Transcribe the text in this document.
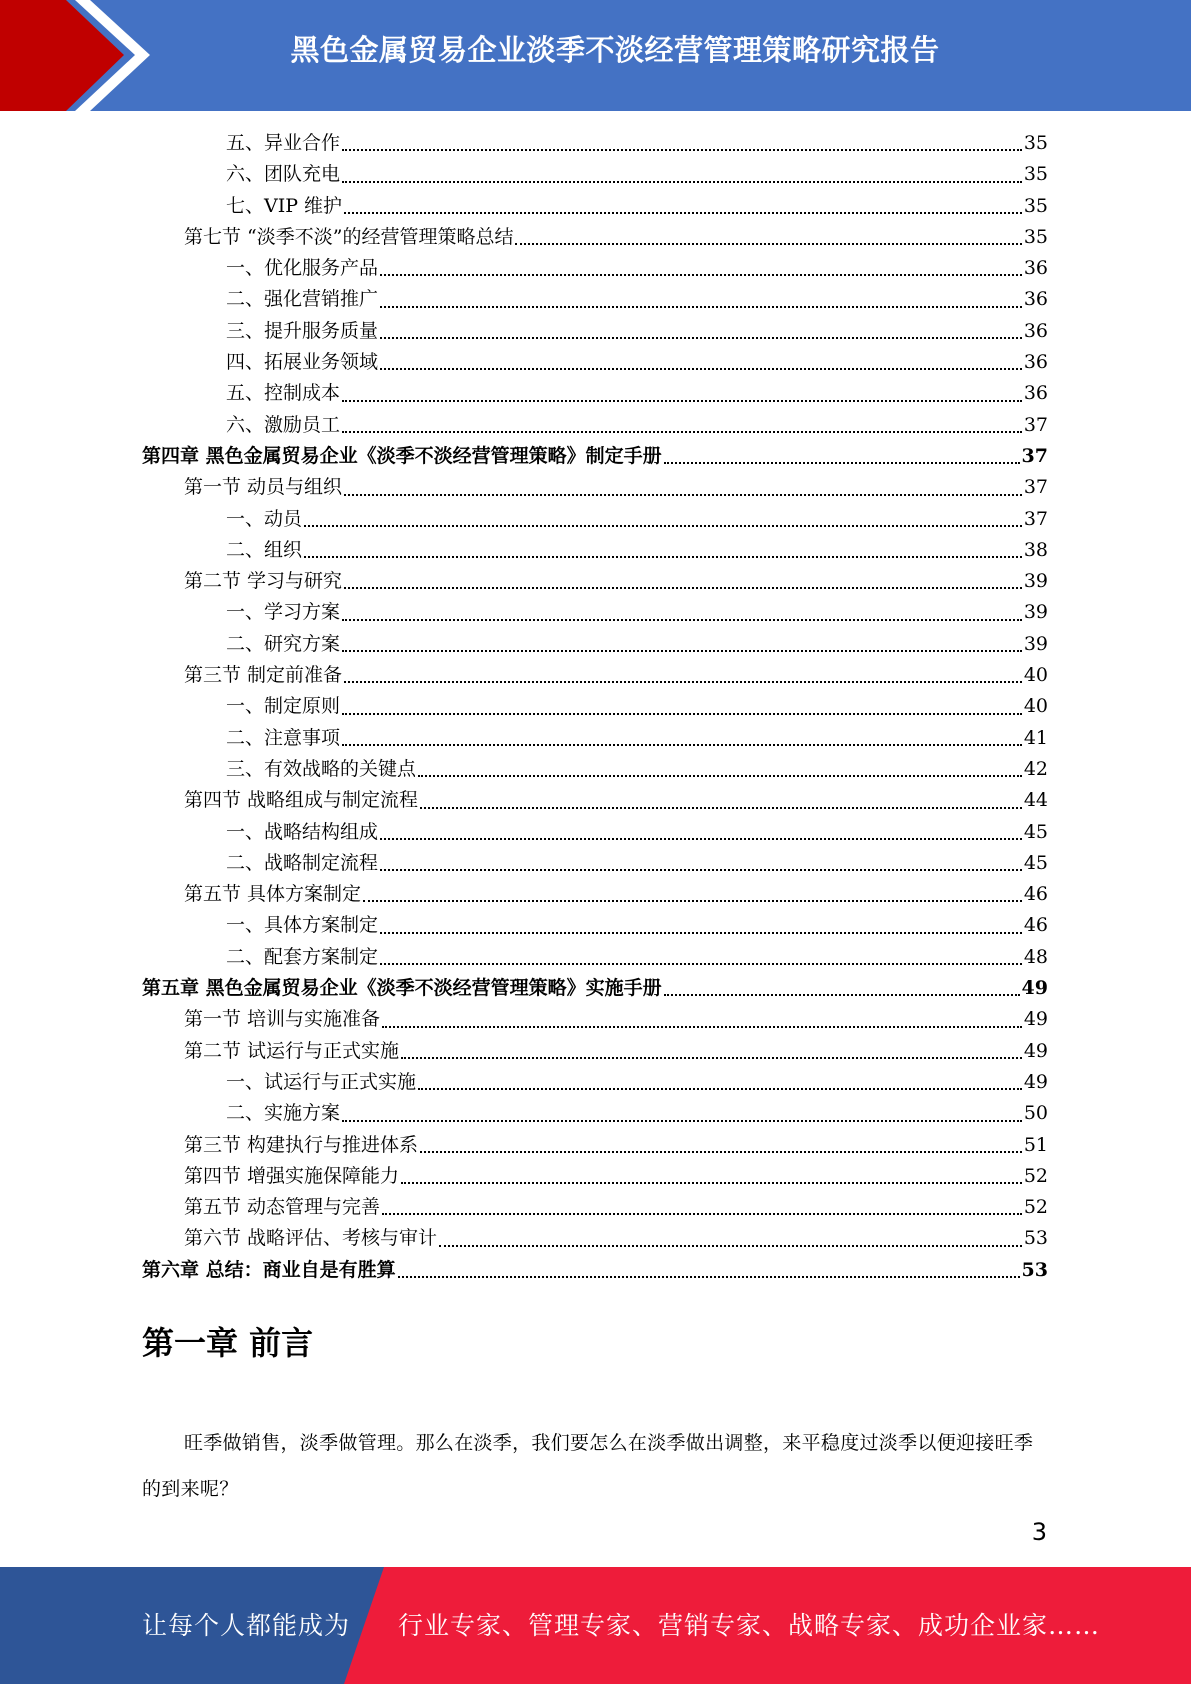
黑色金属贸易企业淡季不淡经营管理策略研究报告
五、异业合作	35
六、团队充电	35
七、VIP 维护	35
第七节 “淡季不淡”的经营管理策略总结	35
一、优化服务产品	36
二、强化营销推广	36
三、提升服务质量	36
四、拓展业务领域	36
五、控制成本	36
六、激励员工	37
第四章 黑色金属贸易企业《淡季不淡经营管理策略》制定手册	37
第一节 动员与组织	37
一、动员	37
二、组织	38
第二节 学习与研究	39
一、学习方案	39
二、研究方案	39
第三节 制定前准备	40
一、制定原则	40
二、注意事项	41
三、有效战略的关键点	42
第四节 战略组成与制定流程	44
一、战略结构组成	45
二、战略制定流程	45
第五节 具体方案制定	46
一、具体方案制定	46
二、配套方案制定	48
第五章 黑色金属贸易企业《淡季不淡经营管理策略》实施手册	49
第一节 培训与实施准备	49
第二节 试运行与正式实施	49
一、试运行与正式实施	49
二、实施方案	50
第三节 构建执行与推进体系	51
第四节 增强实施保障能力	52
第五节 动态管理与完善	52
第六节 战略评估、考核与审计	53
第六章 总结：商业自是有胜算	53
第一章 前言

旺季做销售，淡季做管理。那么在淡季，我们要怎么在淡季做出调整，来平稳度过淡季以便迎接旺季的到来呢？

3
让每个人都能成为 行业专家、管理专家、营销专家、战略专家、成功企业家……
